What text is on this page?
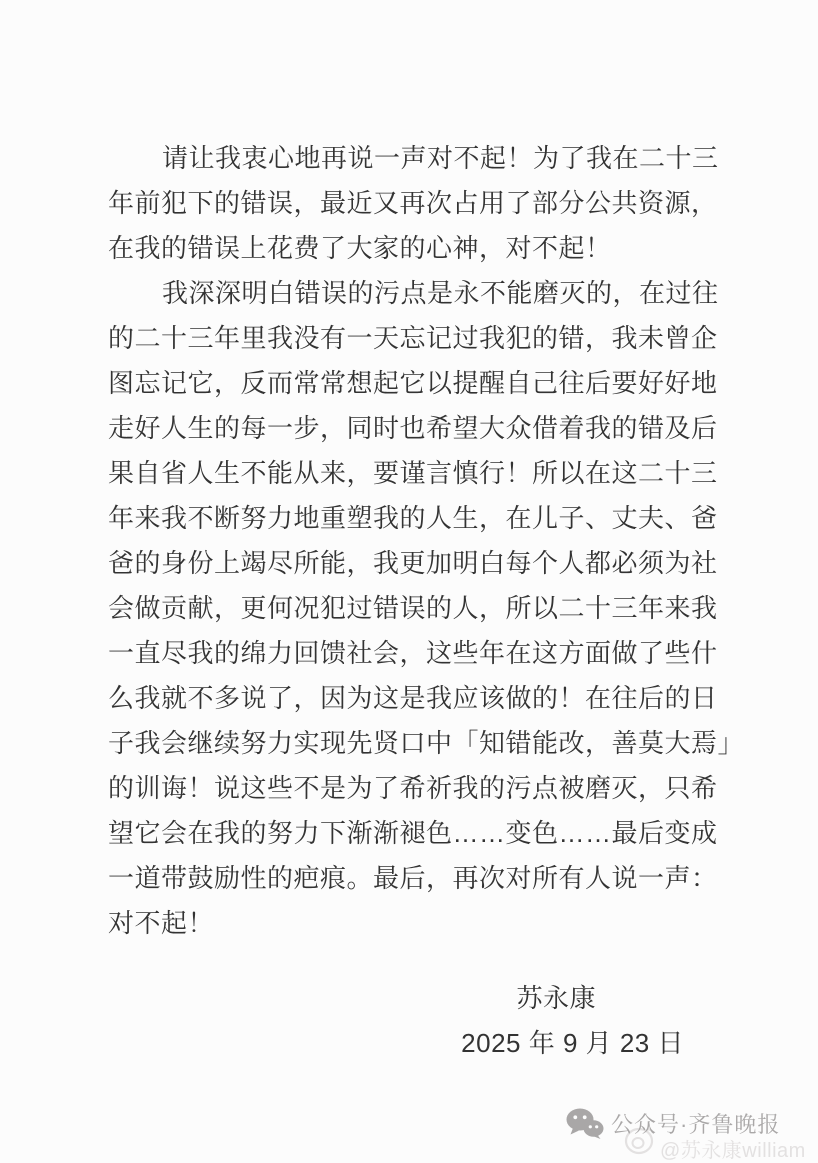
请让我衷心地再说一声对不起！为了我在二十三
年前犯下的错误，最近又再次占用了部分公共资源，
在我的错误上花费了大家的心神，对不起！
我深深明白错误的污点是永不能磨灭的，在过往
的二十三年里我没有一天忘记过我犯的错，我未曾企
图忘记它，反而常常想起它以提醒自己往后要好好地
走好人生的每一步，同时也希望大众借着我的错及后
果自省人生不能从来，要谨言慎行！所以在这二十三
年来我不断努力地重塑我的人生，在儿子、丈夫、爸
爸的身份上竭尽所能，我更加明白每个人都必须为社
会做贡献，更何况犯过错误的人，所以二十三年来我
一直尽我的绵力回馈社会，这些年在这方面做了些什
么我就不多说了，因为这是我应该做的！在往后的日
子我会继续努力实现先贤口中「知错能改，善莫大焉」
的训诲！说这些不是为了希祈我的污点被磨灭，只希
望它会在我的努力下渐渐褪色……变色……最后变成
一道带鼓励性的疤痕。最后，再次对所有人说一声：
对不起！
苏永康
2025 年 9 月 23 日
@苏永康william
公众号·齐鲁晚报
